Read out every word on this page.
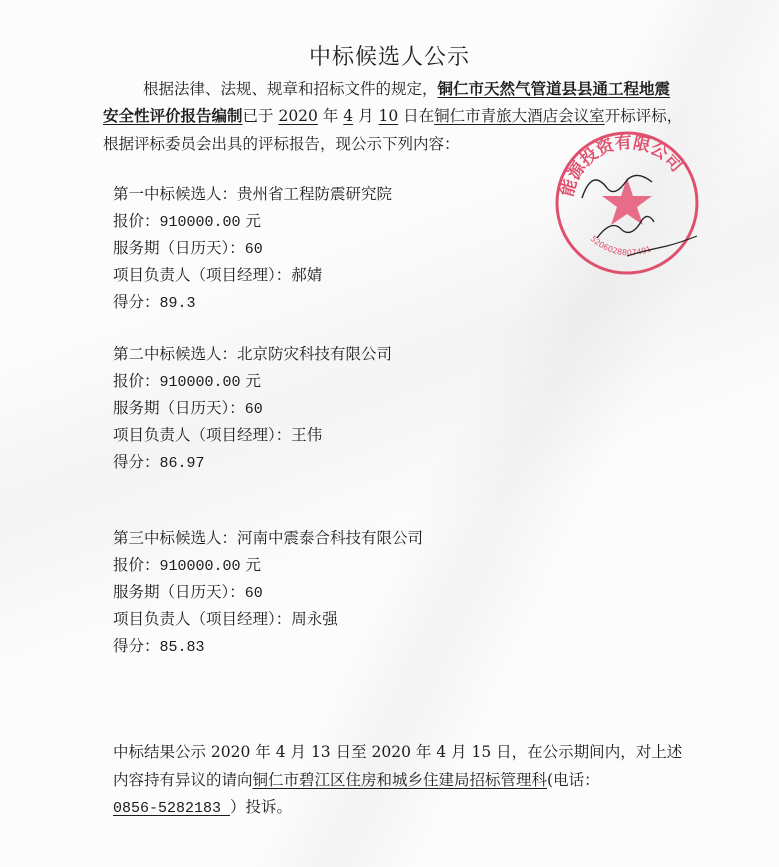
中标候选人公示
根据法律、法规、规章和招标文件的规定，铜仁市天然气管道县县通工程地震
安全性评价报告编制已于 2020 年 4 月 10 日在铜仁市青旅大酒店会议室开标评标，
根据评标委员会出具的评标报告，现公示下列内容：
第一中标候选人：贵州省工程防震研究院
报价：910000.00 元
服务期（日历天）：60
项目负责人（项目经理）：郝婧
得分：89.3
第二中标候选人：北京防灾科技有限公司
报价：910000.00 元
服务期（日历天）：60
项目负责人（项目经理）：王伟
得分：86.97
第三中标候选人：河南中震泰合科技有限公司
报价：910000.00 元
服务期（日历天）：60
项目负责人（项目经理）：周永强
得分：85.83
中标结果公示 2020 年 4 月 13 日至 2020 年 4 月 15 日，在公示期间内，对上述
内容持有异议的请向铜仁市碧江区住房和城乡住建局招标管理科(电话：
0856-5282183 ）投诉。
能源投资有限公司
5206028807491
